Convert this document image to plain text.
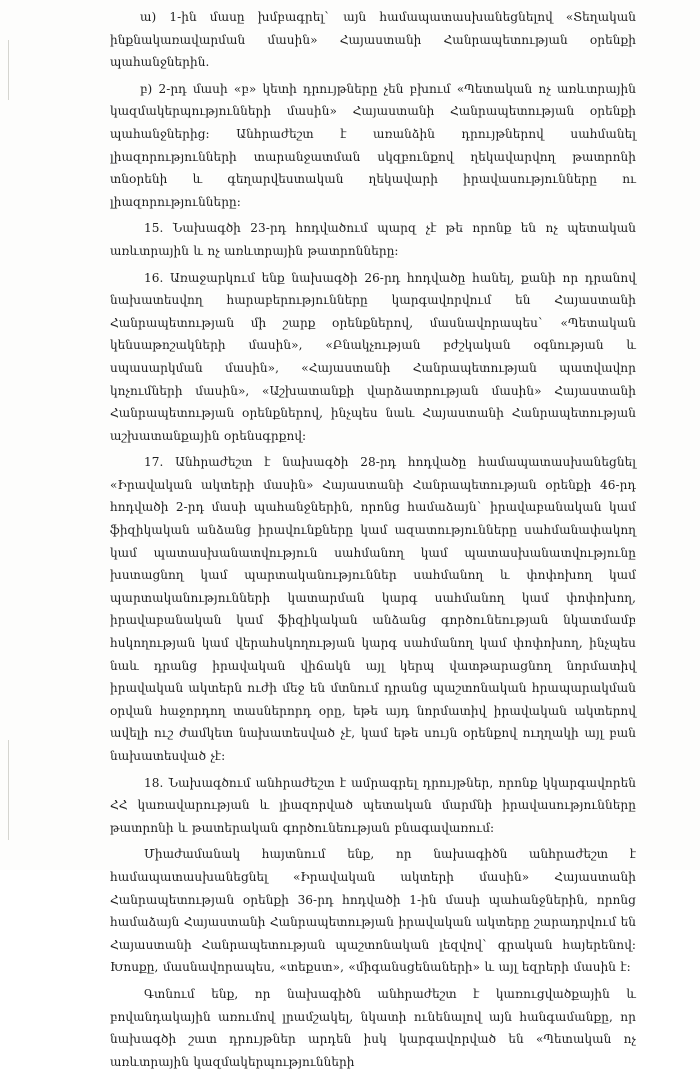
ա) 1-ին մասը խմբագրել` այն համապատասխանեցնելով «Տեղական ինքնակառավարման մասին» Հայաստանի Հանրապետության օրենքի պահանջներին.

բ) 2-րդ մասի «բ» կետի դրույթները չեն բխում «Պետական ոչ առևտրային կազմակերպությունների մասին» Հայաստանի Հանրապետության օրենքի պահանջներից: Անհրաժեշտ է առանձին դրույթներով սահմանել լիազորությունների տարանջատման սկզբունքով ղեկավարվող թատրոնի տնօրենի և գեղարվեստական ղեկավարի իրավասությունները ու լիազորությունները:

15. Նախագծի 23-րդ հոդվածում պարզ չէ թե որոնք են ոչ պետական առևտրային և ոչ առևտրային թատրոնները:

16. Առաջարկում ենք նախագծի 26-րդ հոդվածը հանել, քանի որ դրանով նախատեսվող հարաբերությունները կարգավորվում են Հայաստանի Հանրապետության մի շարք օրենքներով, մասնավորապես` «Պետական կենսաթոշակների մասին», «Բնակչության բժշկական օգնության և սպասարկման մասին», «Հայաստանի Հանրապետության պատվավոր կոչումների մասին», «Աշխատանքի վարձատրության մասին» Հայաստանի Հանրապետության օրենքներով, ինչպես նաև Հայաստանի Հանրապետության աշխատանքային օրենսգրքով:

17. Անհրաժեշտ է նախագծի 28-րդ հոդվածը համապատասխանեցնել «Իրավական ակտերի մասին» Հայաստանի Հանրապետության օրենքի 46-րդ հոդվածի 2-րդ մասի պահանջներին, որոնց համաձայն` իրավաբանական կամ ֆիզիկական անձանց իրավունքները կամ ազատությունները սահմանափակող կամ պատասխանատվություն սահմանող կամ պատասխանատվությունը խստացնող կամ պարտականություններ սահմանող և փոփոխող կամ պարտականությունների կատարման կարգ սահմանող կամ փոփոխող, իրավաբանական կամ ֆիզիկական անձանց գործունեության նկատմամբ հսկողության կամ վերահսկողության կարգ սահմանող կամ փոփոխող, ինչպես նաև դրանց իրավական վիճակն այլ կերպ վատթարացնող նորմատիվ իրավական ակտերն ուժի մեջ են մտնում դրանց պաշտոնական հրապարակման օրվան հաջորդող տասներորդ օրը, եթե այդ նորմատիվ իրավական ակտերով ավելի ուշ ժամկետ նախատեսված չէ, կամ եթե սույն օրենքով ուղղակի այլ բան նախատեսված չէ:

18. Նախագծում անհրաժեշտ է ամրագրել դրույթներ, որոնք կկարգավորեն ՀՀ կառավարության և լիազորված պետական մարմնի իրավասությունները թատրոնի և թատերական գործունեության բնագավառում:

Միաժամանակ հայտնում ենք, որ նախագիծն անհրաժեշտ է համապատասխանեցնել «Իրավական ակտերի մասին» Հայաստանի Հանրապետության օրենքի 36-րդ հոդվածի 1-ին մասի պահանջներին, որոնց համաձայն Հայաստանի Հանրապետության իրավական ակտերը շարադրվում են Հայաստանի Հանրապետության պաշտոնական լեզվով` գրական հայերենով: Խոսքը, մասնավորապես, «տեքստ», «միգանսցենաների» և այլ եզրերի մասին է:

Գտնում ենք, որ նախագիծն անհրաժեշտ է կառուցվածքային և բովանդակային առումով լրամշակել, նկատի ունենալով այն հանգամանքը, որ նախագծի շատ դրույթներ արդեն իսկ կարգավորված են «Պետական ոչ առևտրային կազմակերպությունների
